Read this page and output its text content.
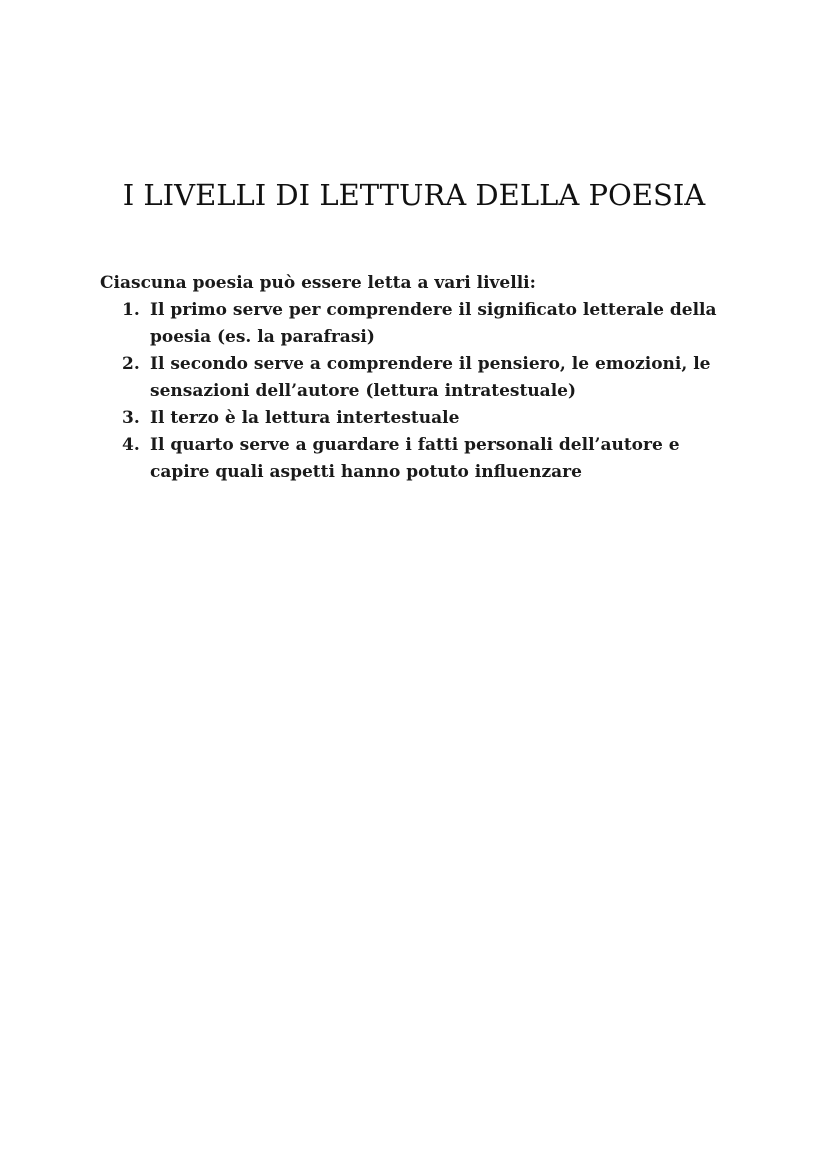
I LIVELLI DI LETTURA DELLA POESIA

Ciascuna poesia può essere letta a vari livelli:

1. Il primo serve per comprendere il significato letterale della poesia (es. la parafrasi)
2. Il secondo serve a comprendere il pensiero, le emozioni, le sensazioni dell’autore (lettura intratestuale)
3. Il terzo è la lettura intertestuale
4. Il quarto serve a guardare i fatti personali dell’autore e capire quali aspetti hanno potuto influenzare
